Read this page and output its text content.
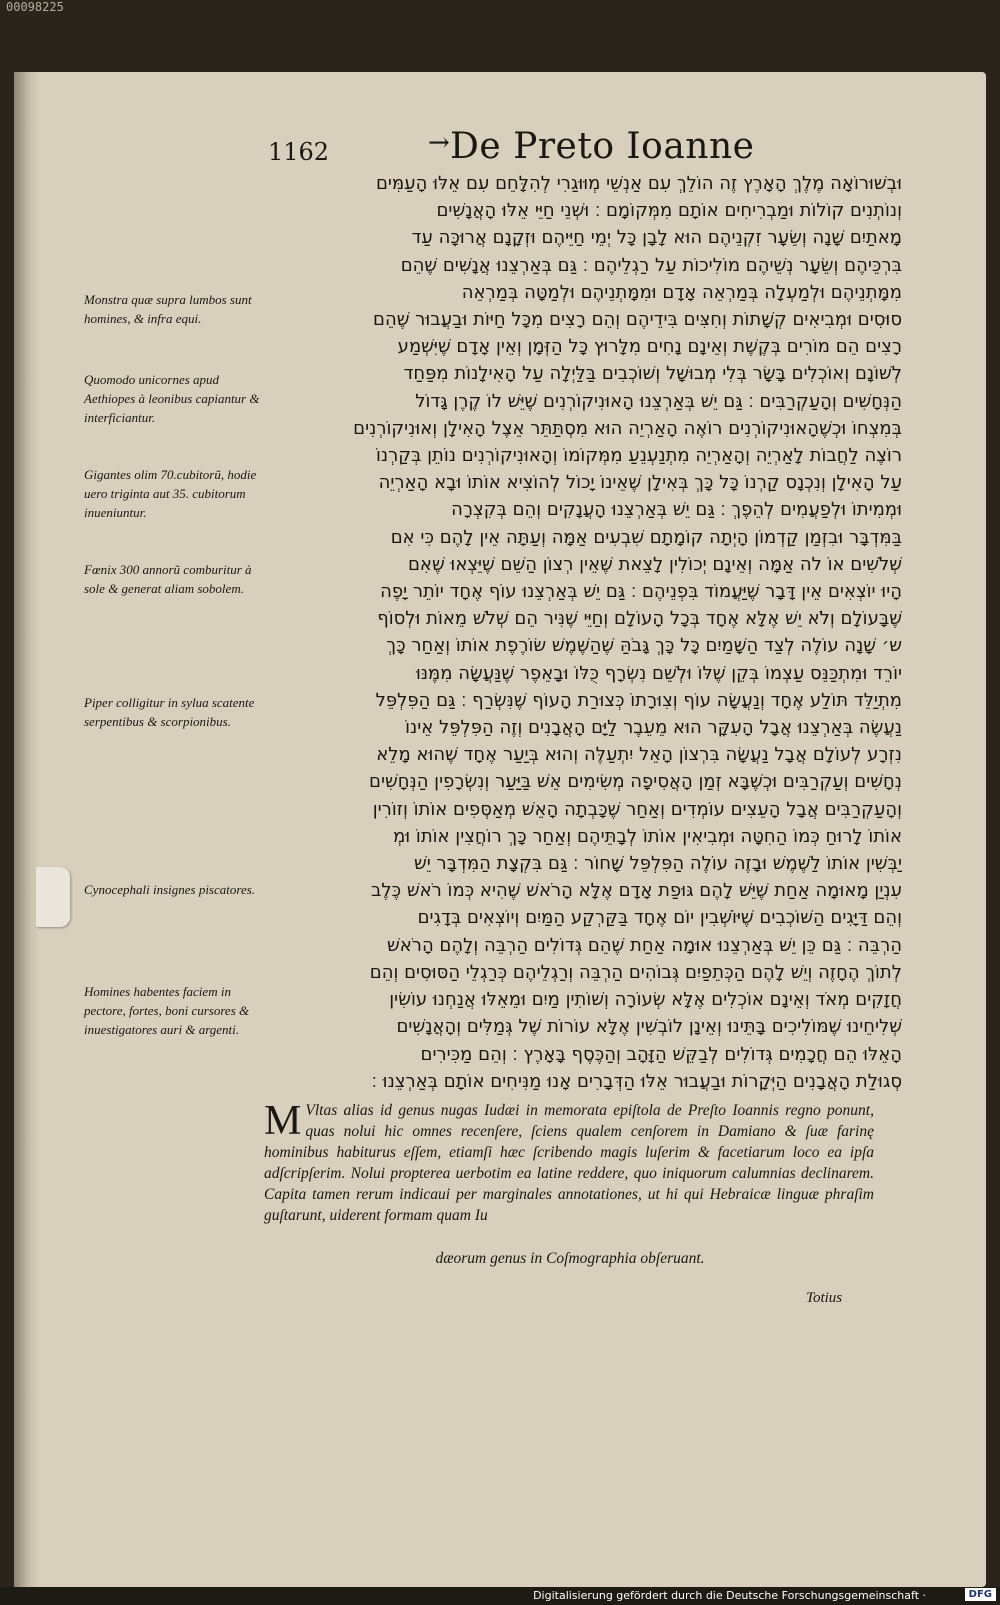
00098225
1162	→ De Preto Ioanne
וּבְשׁוּרוֹאָה מֶלֶךְ הָאָרֶץ זֶה הוֹלֵךְ עִם אַנְשֵׁי מְוּוּגַרִי לְהִלָּחֵם עִם אֵלּוּ הָעַמִּים
וְנוֹתְנִים קוֹלוֹת וּמַבְרִיחִים אוֹתָם מִמְּקוֹמָם ׃ וּשְׁנֵי חַיֵּי אֵלּוּ הָאֲנָשִׁים
מָאתַיִם שָׁנָה וְשֵׂעָר זִקְנֵיהֶם הוּא לָבָן כָּל יְמֵי חַיֵּיהֶם וּזְקָנָם אֲרוּכָּה עַד
בִּרְכֵּיהֶם וְשֵׂעָר נְשֵׁיהֶם מוֹלִיכוֹת עַל רַגְלֵיהֶם ׃ גַּם בְּאַרְצֵנוּ אֲנָשִׁים שֶׁהֵם
מִמָּתְנֵיהֶם וּלְמַעְלָה בְּמַרְאֵה אָדָם וּמִמָּתְנֵיהֶם וּלְמַטָּה בְּמַרְאֵה
סוּסִים וּמְבִיאִים קְשָׁתוֹת וְחִצִּים בִּידֵיהֶם וְהֵם רָצִים מִכָּל חַיּוֹת וּבַעֲבוּר שֶׁהֵם
רָצִים הֵם מוֹרִים בְּקֶשֶׁת וְאֵינָם נָחִים מִלָּרוּץ כָּל הַזְּמָן וְאֵין אָדָם שֶׁיִּשְׁמַע
לְשׁוֹנָם וְאוֹכְלִים בָּשָׂר בְּלִי מְבוּשָּׁל וְשׁוֹכְבִים בַּלַּיְלָה עַל הָאִילָנוֹת מִפַּחַד
הַנְּחָשִׁים וְהָעַקְרַבִּים ׃ גַּם יֵשׁ בְּאַרְצֵנוּ הָאוּנִיקוֹרְנִים שֶׁיֵּשׁ לוֹ קֶרֶן גָּדוֹל
בְּמִצְחוֹ וּכְשֶׁהָאוּנִיקוֹרְנִים רוֹאֶה הָאַרְיֵה הוּא מִסְתַּתֵּר אֵצֶל הָאִילָן וְאוּנִיקוֹרְנִים
רוֹצֶה לַחֲבוֹת לָאַרְיֵה וְהָאַרְיֵה מִתְנַעְנֵעַ מִמְּקוֹמוֹ וְהָאוּנִיקוֹרְנִים נוֹתֵן בְּקַרְנוֹ
עַל הָאִילָן וְנִכְנָס קַרְנוֹ כָּל כָּךְ בְּאִילָן שֶׁאֵינוֹ יָכוֹל לְהוֹצִיא אוֹתוֹ וּבָא הָאַרְיֵה
וּמְמִיתוֹ וּלְפַעֲמִים לְהֵפֶךְ ׃ גַּם יֵשׁ בְּאַרְצֵנוּ הָעֲנָקִים וְהֵם בְּקִצְרָה
בַּמִּדְבָּר וּבִזְמַן קַדְמוֹן הָיְתָה קוֹמָתָם שִׁבְעִים אַמָּה וְעַתָּה אֵין לָהֶם כִּי אִם
שְׁלֹשִׁים אוֹ לה אַמָּה וְאֵינָם יְכוֹלִין לָצֵאת שֶׁאֵין רְצוֹן הַשֵּׁם שֶׁיֵּצְאוּ שֶׁאִם
הָיוּ יוֹצְאִים אֵין דָּבָר שֶׁיַּעֲמוֹד בִּפְנֵיהֶם ׃ גַּם יֵשׁ בְּאַרְצֵנוּ עוֹף אֶחָד יוֹתֵר יָפֶה
שֶׁבָּעוֹלָם וְלֹא יֵשׁ אֶלָּא אֶחָד בְּכָל הָעוֹלָם וְחַיֵּי שֶׁנִּיר הֵם שְׁלֹשׁ מֵאוֹת וּלְסוֹף
ש׳ שָׁנָה עוֹלֶה לְצַד הַשָּׁמַיִם כָּל כָּךְ גָּבֹהַּ שֶׁהַשֶּׁמֶשׁ שׂוֹרֶפֶת אוֹתוֹ וְאַחַר כָּךְ
יוֹרֵד וּמִתְכַּנֵּס עַצְמוֹ בְּקֵן שֶׁלּוֹ וּלְשֵׁם נִשְׂרָף כֻּלּוֹ וּבָאֵפֶר שֶׁנַּעֲשָׂה מִמֶּנּוּ
מִתְיַלֵּד תּוֹלַע אֶחָד וְנַעֲשָׂה עוֹף וְצִוּרָתוֹ כְּצוּרַת הָעוֹף שֶׁנִּשְׂרַף ׃ גַּם הַפִּלְפֵּל
נַעֲשֶׂה בְּאַרְצֵנוּ אֲבָל הָעִקָּר הוּא מֵעֵבֶר לַיָּם הָאֲבָנִים וְזֶה הַפִּלְפֵּל אֵינוֹ
נִזְרָע לְעוֹלָם אֲבָל נַעֲשָׂה בִּרְצוֹן הָאֵל יִתְעַלֶּה וְהוּא בְּיַעַר אֶחָד שֶׁהוּא מָלֵא
נְחָשִׁים וְעַקְרַבִּים וּכְשֶׁבָּא זְמַן הָאֲסִיפָה מְשִׂימִים אֵשׁ בַּיַּעַר וְנִשְׂרָפִין הַנְּחָשִׁים
וְהָעַקְרַבִּים אֲבָל הָעֵצִים עוֹמְדִים וְאַחַר שֶׁכָּבְתָה הָאֵשׁ מְאַסְּפִים אוֹתוֹ וְזוֹרִין
אוֹתוֹ לָרוּחַ כְּמוֹ הַחִטָּה וּמְבִיאִין אוֹתוֹ לְבָתֵּיהֶם וְאַחַר כָּךְ רוֹחֲצִין אוֹתוֹ וּמְ
יַבְּשִׁין אוֹתוֹ לַשֶּׁמֶשׁ וּבָזֶה עוֹלֶה הַפִּלְפֵּל שָׁחוֹר ׃ גַּם בִּקְצָת הַמִּדְבָּר יֵשׁ
עִנְיַן מָאוּמָה אַחַת שֶׁיֵּשׁ לָהֶם גּוּפַת אָדָם אֶלָּא הָרֹאשׁ שֶׁהִיא כְּמוֹ רֹאשׁ כֶּלֶב
וְהֵם דַּיָּגִים הַשּׁוֹכְבִים שֶׁיּוֹשְׁבִין יוֹם אֶחָד בַּקַּרְקַע הַמַּיִם וְיוֹצְאִים בְּדָגִים
הַרְבֵּה ׃ גַּם כֵּן יֵשׁ בְּאַרְצֵנוּ אוּמָה אַחַת שֶׁהֵם גְּדוֹלִים הַרְבֵּה וְלָהֶם הָרֹאשׁ
לְתוֹךְ הֶחָזֶה וְיֵשׁ לָהֶם הַכְּתֵפַיִם גְּבוֹהִים הַרְבֵּה וְרַגְלֵיהֶם כְּרַגְלֵי הַסּוּסִים וְהֵם
חֲזָקִים מְאֹד וְאֵינָם אוֹכְלִים אֶלָּא שְׂעוֹרָה וְשׁוֹתִין מַיִם וּמֵאֵלּוּ אֲנַחְנוּ עוֹשִׂין
שְׁלִיחֵינוּ שֶׁמּוֹלִיכִים בָּתֵּינוּ וְאֵינָן לוֹבְשִׁין אֶלָּא עוֹרוֹת שֶׁל גְּמַלִּים וְהָאֲנָשִׁים
הָאֵלּוּ הֵם חֲכָמִים גְּדוֹלִים לְבַקֵּשׁ הַזָּהָב וְהַכֶּסֶף בָּאָרֶץ ׃ וְהֵם מַכִּירִים
סְגוּלַת הָאֲבָנִים הַיְּקָרוֹת וּבַעֲבוּר אֵלּוּ הַדְּבָרִים אָנוּ מַנִּיחִים אוֹתָם בְּאַרְצֵנוּ ׃
Monstra quæ supra lumbos sunt homines, & infra equi.
Quomodo unicornes apud Aethiopes à leonibus capiantur & interficiantur.
Gigantes olim 70.cubitorũ, hodie uero triginta aut 35. cubitorum inueniuntur.
Fœnix 300 annorũ comburitur à sole & generat aliam sobolem.
Piper colligitur in sylua scatente serpentibus & scorpionibus.
Cynocephali insignes piscatores.
Homines habentes faciem in pectore, fortes, boni cursores & inuestigatores auri & argenti.
M Vltas alias id genus nugas Iudæi in memorata epiſtola de Preſto Ioannis regno ponunt, quas nolui hic omnes recenſere, ſciens qualem cenſorem in Damiano & ſuæ farinę hominibus habiturus eſſem, etiamſi hæc ſcribendo magis luſerim & facetiarum loco ea ipſa adſcripſerim. Nolui propterea uerbotim ea latine reddere, quo iniquorum calumnias declinarem. Capita tamen rerum indicaui per marginales annotationes, ut hi qui Hebraicæ linguæ phraſim guſtarunt, uiderent formam quam Iu
dæorum genus in Coſmographia obſeruant.
Totius
Digitalisierung gefördert durch die Deutsche Forschungsgemeinschaft ·	DFG
